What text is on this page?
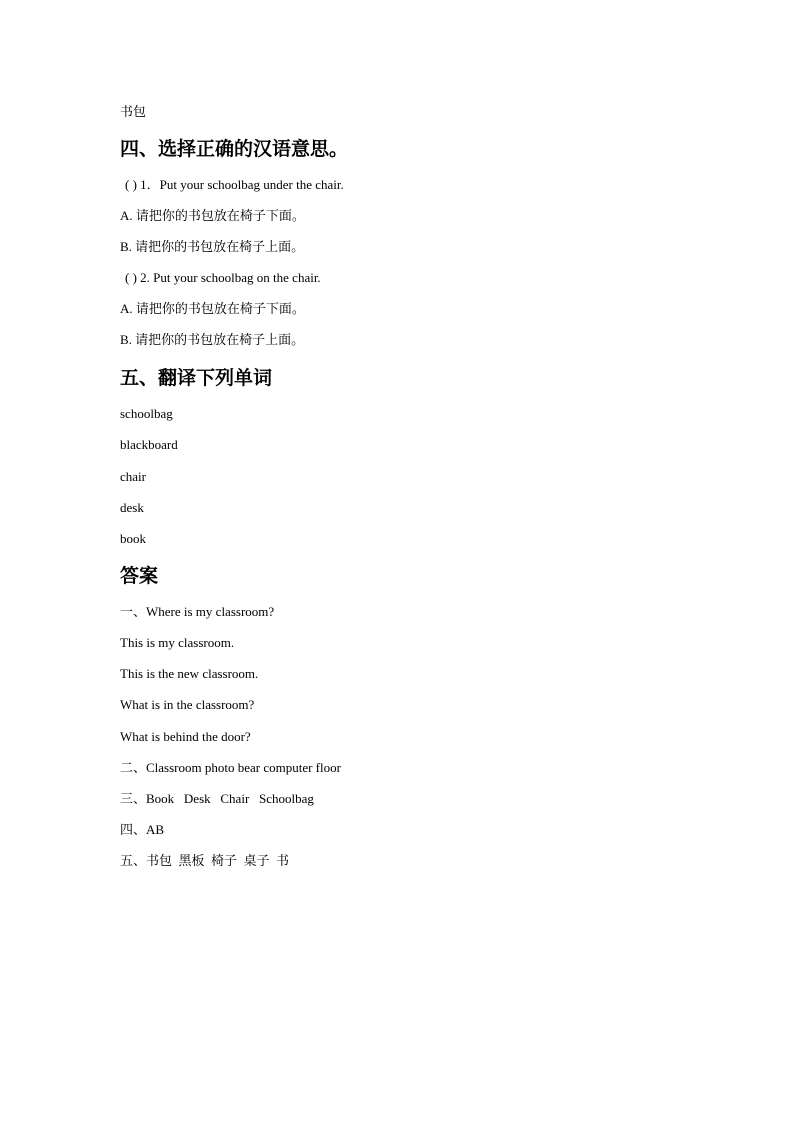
书包
四、选择正确的汉语意思。
( ) 1．Put your schoolbag under the chair.
A. 请把你的书包放在椅子下面。
B. 请把你的书包放在椅子上面。
( ) 2. Put your schoolbag on the chair.
A. 请把你的书包放在椅子下面。
B. 请把你的书包放在椅子上面。
五、翻译下列单词
schoolbag
blackboard
chair
desk
book
答案
一、Where is my classroom?
This is my classroom.
This is the new classroom.
What is in the classroom?
What is behind the door?
二、Classroom photo bear computer floor
三、Book   Desk   Chair   Schoolbag
四、AB
五、书包  黑板  椅子  桌子  书
